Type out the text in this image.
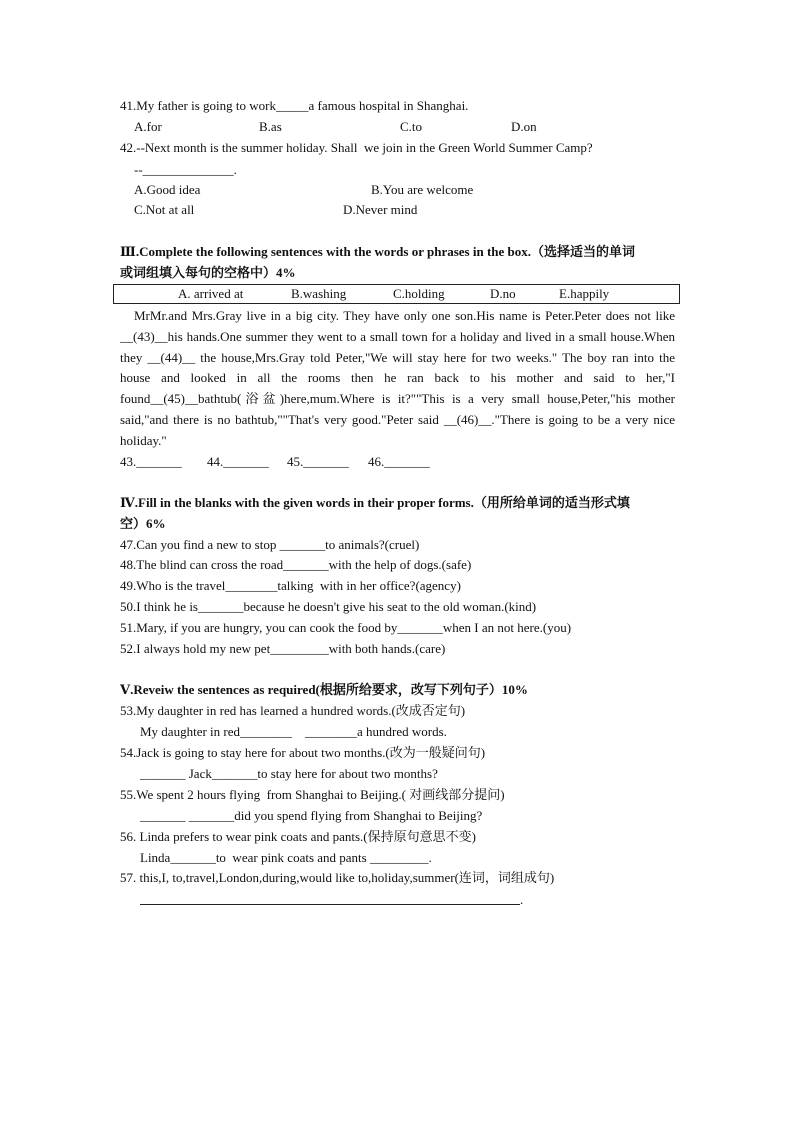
41.My father is going to work_____a famous hospital in Shanghai.
A.for	B.as	C.to	D.on
42.--Next month is the summer holiday. Shall  we join in the Green World Summer Camp?
--______________.
A.Good idea	B.You are welcome
C.Not at all	D.Never mind
Ⅲ.Complete the following sentences with the words or phrases in the box.（选择适当的单词
或词组填入每句的空格中）4%
A. arrived at	B.washing	C.holding	D.no	E.happily
MrMr.and Mrs.Gray live in a big city. They have only one son.His name is Peter.Peter does not like __(43)__his hands.One summer they went to a small town for a holiday and lived in a small house.When they __(44)__ the house,Mrs.Gray told Peter,"We will stay here for two weeks." The boy ran into the house and looked in all the rooms then he ran back to his mother and said to her,"I found__(45)__bathtub(浴盆)here,mum.Where is it?""This is a very small house,Peter,"his mother said,"and there is no bathtub,""That's very good."Peter said __(46)__."There is going to be a very nice holiday."
43._______ 44._______ 45._______ 46._______
Ⅳ.Fill in the blanks with the given words in their proper forms.（用所给单词的适当形式填
空）6%
47.Can you find a new to stop _______to animals?(cruel)
48.The blind can cross the road_______with the help of dogs.(safe)
49.Who is the travel________talking  with in her office?(agency)
50.I think he is_______because he doesn't give his seat to the old woman.(kind)
51.Mary, if you are hungry, you can cook the food by_______when I an not here.(you)
52.I always hold my new pet_________with both hands.(care)
Ⅴ.Reveiw the sentences as required(根据所给要求，改写下列句子）10%
53.My daughter in red has learned a hundred words.(改成否定句)
My daughter in red________    ________a hundred words.
54.Jack is going to stay here for about two months.(改为一般疑问句)
_______ Jack_______to stay here for about two months?
55.We spent 2 hours flying  from Shanghai to Beijing.( 对画线部分提问)
_______ _______did you spend flying from Shanghai to Beijing?
56. Linda prefers to wear pink coats and pants.(保持原句意思不变)
Linda_______to  wear pink coats and pants _________.
57. this,I, to,travel,London,during,would like to,holiday,summer(连词，词组成句)
.
